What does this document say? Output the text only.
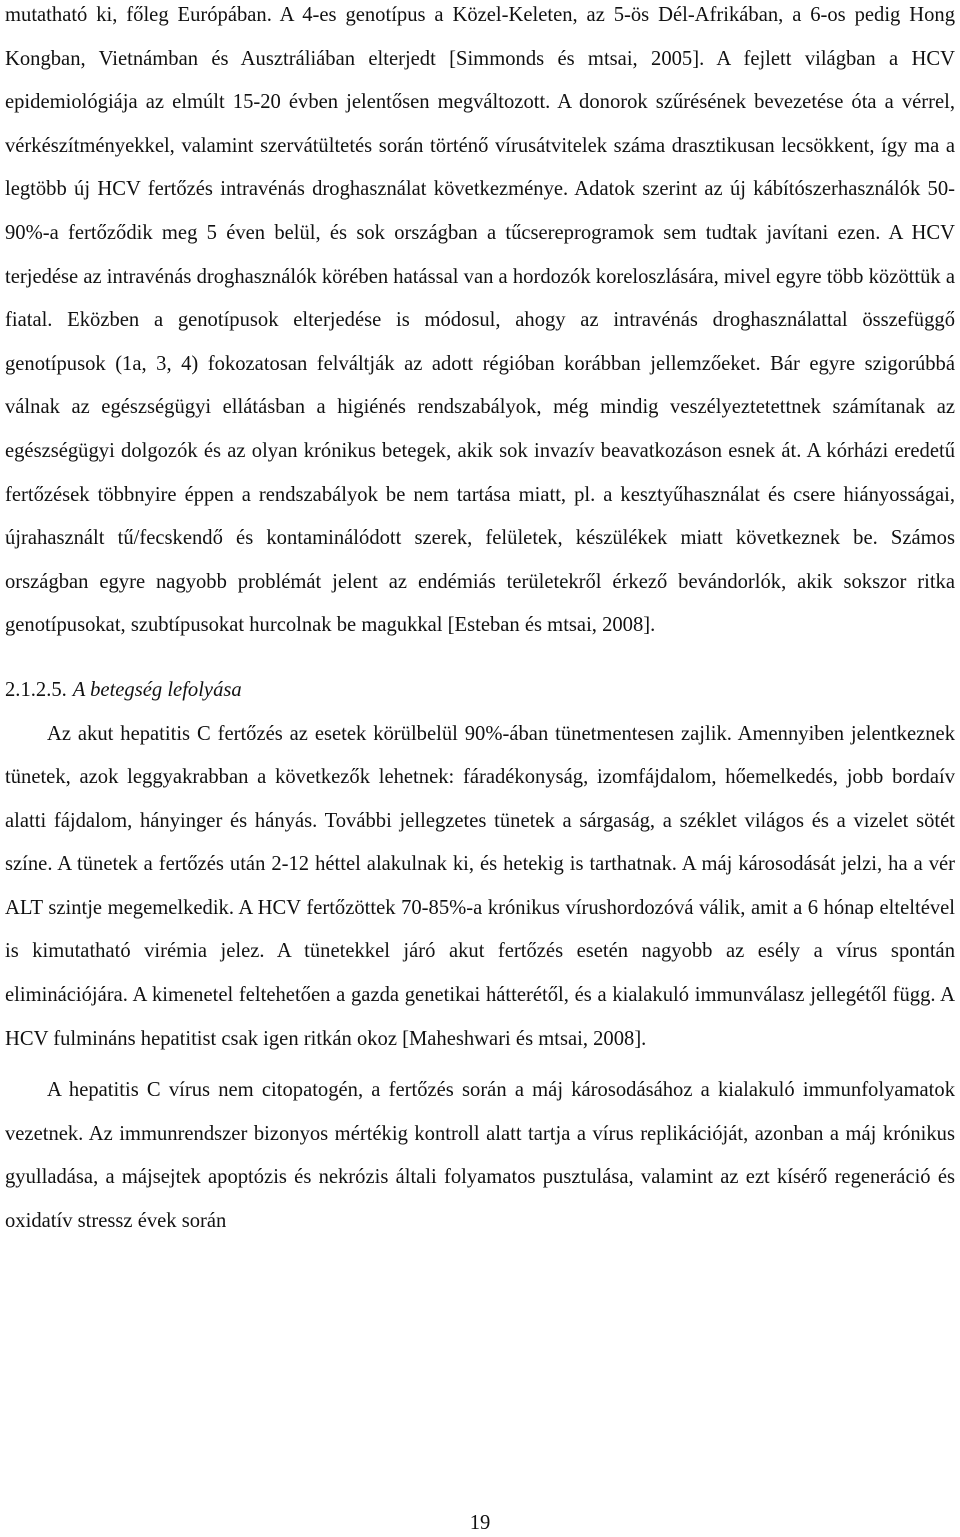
mutatható ki, főleg Európában. A 4-es genotípus a Közel-Keleten, az 5-ös Dél-Afrikában, a 6-os pedig Hong Kongban, Vietnámban és Ausztráliában elterjedt [Simmonds és mtsai, 2005]. A fejlett világban a HCV epidemiológiája az elmúlt 15-20 évben jelentősen megváltozott. A donorok szűrésének bevezetése óta a vérrel, vérkészítményekkel, valamint szervátültetés során történő vírusátvitelek száma drasztikusan lecsökkent, így ma a legtöbb új HCV fertőzés intravénás droghasználat következménye. Adatok szerint az új kábítószerhasználók 50-90%-a fertőződik meg 5 éven belül, és sok országban a tűcsereprogramok sem tudtak javítani ezen. A HCV terjedése az intravénás droghasználók körében hatással van a hordozók koreloszlására, mivel egyre több közöttük a fiatal. Eközben a genotípusok elterjedése is módosul, ahogy az intravénás droghasználattal összefüggő genotípusok (1a, 3, 4) fokozatosan felváltják az adott régióban korábban jellemzőeket. Bár egyre szigorúbbá válnak az egészségügyi ellátásban a higiénés rendszabályok, még mindig veszélyeztetettnek számítanak az egészségügyi dolgozók és az olyan krónikus betegek, akik sok invazív beavatkozáson esnek át. A kórházi eredetű fertőzések többnyire éppen a rendszabályok be nem tartása miatt, pl. a kesztyűhasználat és csere hiányosságai, újrahasznált tű/fecskendő és kontaminálódott szerek, felületek, készülékek miatt következnek be. Számos országban egyre nagyobb problémát jelent az endémiás területekről érkező bevándorlók, akik sokszor ritka genotípusokat, szubtípusokat hurcolnak be magukkal [Esteban és mtsai, 2008].

2.1.2.5. A betegség lefolyása

Az akut hepatitis C fertőzés az esetek körülbelül 90%-ában tünetmentesen zajlik. Amennyiben jelentkeznek tünetek, azok leggyakrabban a következők lehetnek: fáradékonyság, izomfájdalom, hőemelkedés, jobb bordaív alatti fájdalom, hányinger és hányás. További jellegzetes tünetek a sárgaság, a széklet világos és a vizelet sötét színe. A tünetek a fertőzés után 2-12 héttel alakulnak ki, és hetekig is tarthatnak. A máj károsodását jelzi, ha a vér ALT szintje megemelkedik. A HCV fertőzöttek 70-85%-a krónikus vírushordozóvá válik, amit a 6 hónap elteltével is kimutatható virémia jelez. A tünetekkel járó akut fertőzés esetén nagyobb az esély a vírus spontán eliminációjára. A kimenetel feltehetően a gazda genetikai hátterétől, és a kialakuló immunválasz jellegétől függ. A HCV fulmináns hepatitist csak igen ritkán okoz [Maheshwari és mtsai, 2008].

A hepatitis C vírus nem citopatogén, a fertőzés során a máj károsodásához a kialakuló immunfolyamatok vezetnek. Az immunrendszer bizonyos mértékig kontroll alatt tartja a vírus replikációját, azonban a máj krónikus gyulladása, a májsejtek apoptózis és nekrózis általi folyamatos pusztulása, valamint az ezt kísérő regeneráció és oxidatív stressz évek során

19
